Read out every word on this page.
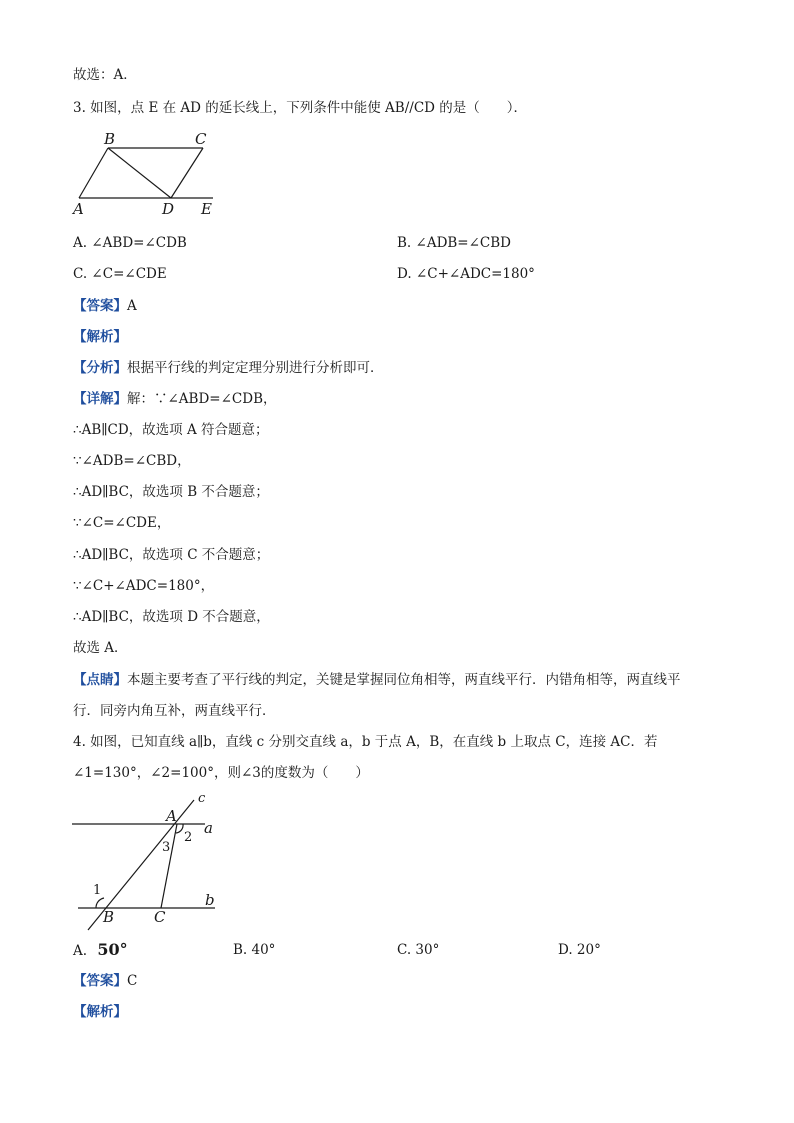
故选：A．
3. 如图，点 E 在 AD 的延长线上，下列条件中能使 AB//CD 的是（　　）．
B	C
A	D E
A. ∠ABD=∠CDB	B. ∠ADB=∠CBD
C. ∠C=∠CDE	D. ∠C+∠ADC=180°
【答案】A
【解析】
【分析】根据平行线的判定定理分别进行分析即可．
【详解】解：∵∠ABD=∠CDB，
∴AB∥CD，故选项 A 符合题意；
∵∠ADB=∠CBD，
∴AD∥BC，故选项 B 不合题意；
∵∠C=∠CDE，
∴AD∥BC，故选项 C 不合题意；
∵∠C+∠ADC=180°，
∴AD∥BC，故选项 D 不合题意，
故选 A．
【点睛】本题主要考查了平行线的判定，关键是掌握同位角相等，两直线平行．内错角相等，两直线平
行．同旁内角互补，两直线平行．
4. 如图，已知直线 a∥b，直线 c 分别交直线 a，b 于点 A，B，在直线 b 上取点 C，连接 AC．若
∠1=130°，∠2=100°，则∠3的度数为（　　）
c
A
a
2
3
1
b
B	C
A. 50°	B. 40°	C. 30°	D. 20°
【答案】C
【解析】
